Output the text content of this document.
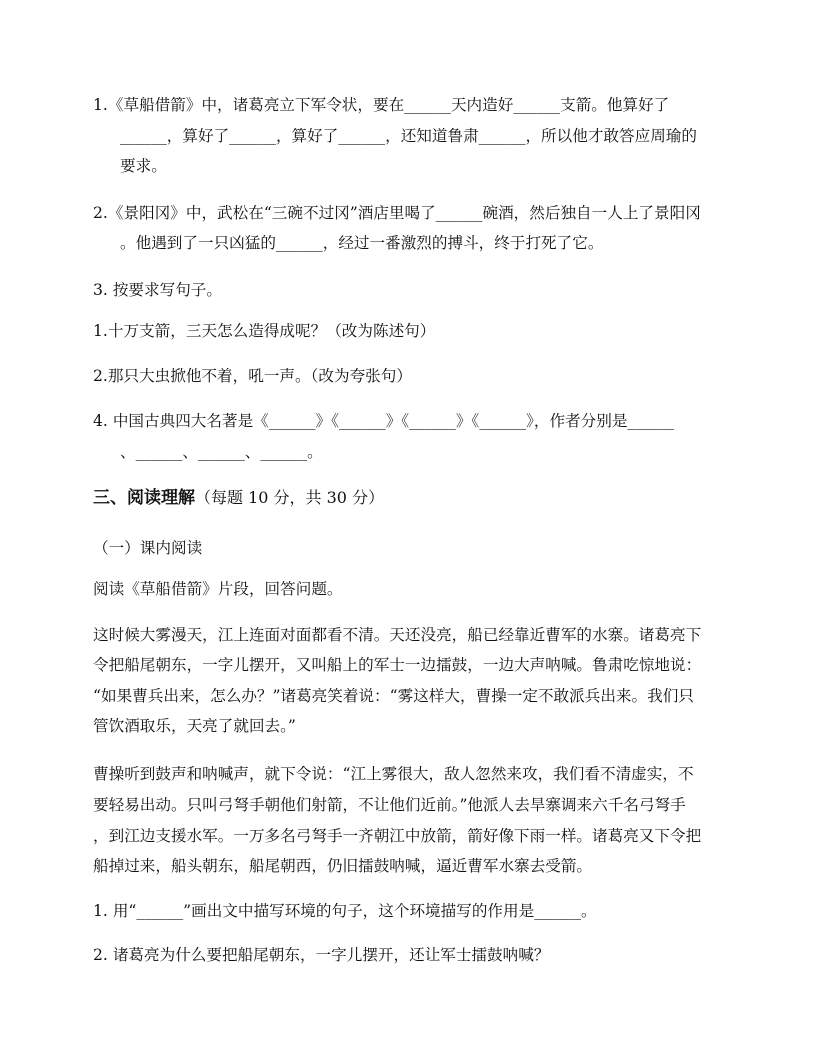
1.《草船借箭》中，诸葛亮立下军令状，要在______天内造好______支箭。他算好了
______，算好了______，算好了______，还知道鲁肃______，所以他才敢答应周瑜的
要求。
2.《景阳冈》中，武松在“三碗不过冈”酒店里喝了______碗酒，然后独自一人上了景阳冈
。他遇到了一只凶猛的______，经过一番激烈的搏斗，终于打死了它。
3. 按要求写句子。
1.十万支箭，三天怎么造得成呢？（改为陈述句）
2.那只大虫掀他不着，吼一声。（改为夸张句）
4. 中国古典四大名著是《______》《______》《______》《______》，作者分别是______
、______、______、______。
三、阅读理解（每题 10 分，共 30 分）
（一）课内阅读
阅读《草船借箭》片段，回答问题。
这时候大雾漫天，江上连面对面都看不清。天还没亮，船已经靠近曹军的水寨。诸葛亮下
令把船尾朝东，一字儿摆开，又叫船上的军士一边擂鼓，一边大声呐喊。鲁肃吃惊地说：
“如果曹兵出来，怎么办？”诸葛亮笑着说：“雾这样大，曹操一定不敢派兵出来。我们只
管饮酒取乐，天亮了就回去。”
曹操听到鼓声和呐喊声，就下令说：“江上雾很大，敌人忽然来攻，我们看不清虚实，不
要轻易出动。只叫弓弩手朝他们射箭，不让他们近前。”他派人去旱寨调来六千名弓弩手
，到江边支援水军。一万多名弓弩手一齐朝江中放箭，箭好像下雨一样。诸葛亮又下令把
船掉过来，船头朝东，船尾朝西，仍旧擂鼓呐喊，逼近曹军水寨去受箭。
1. 用“______”画出文中描写环境的句子，这个环境描写的作用是______。
2. 诸葛亮为什么要把船尾朝东，一字儿摆开，还让军士擂鼓呐喊？
